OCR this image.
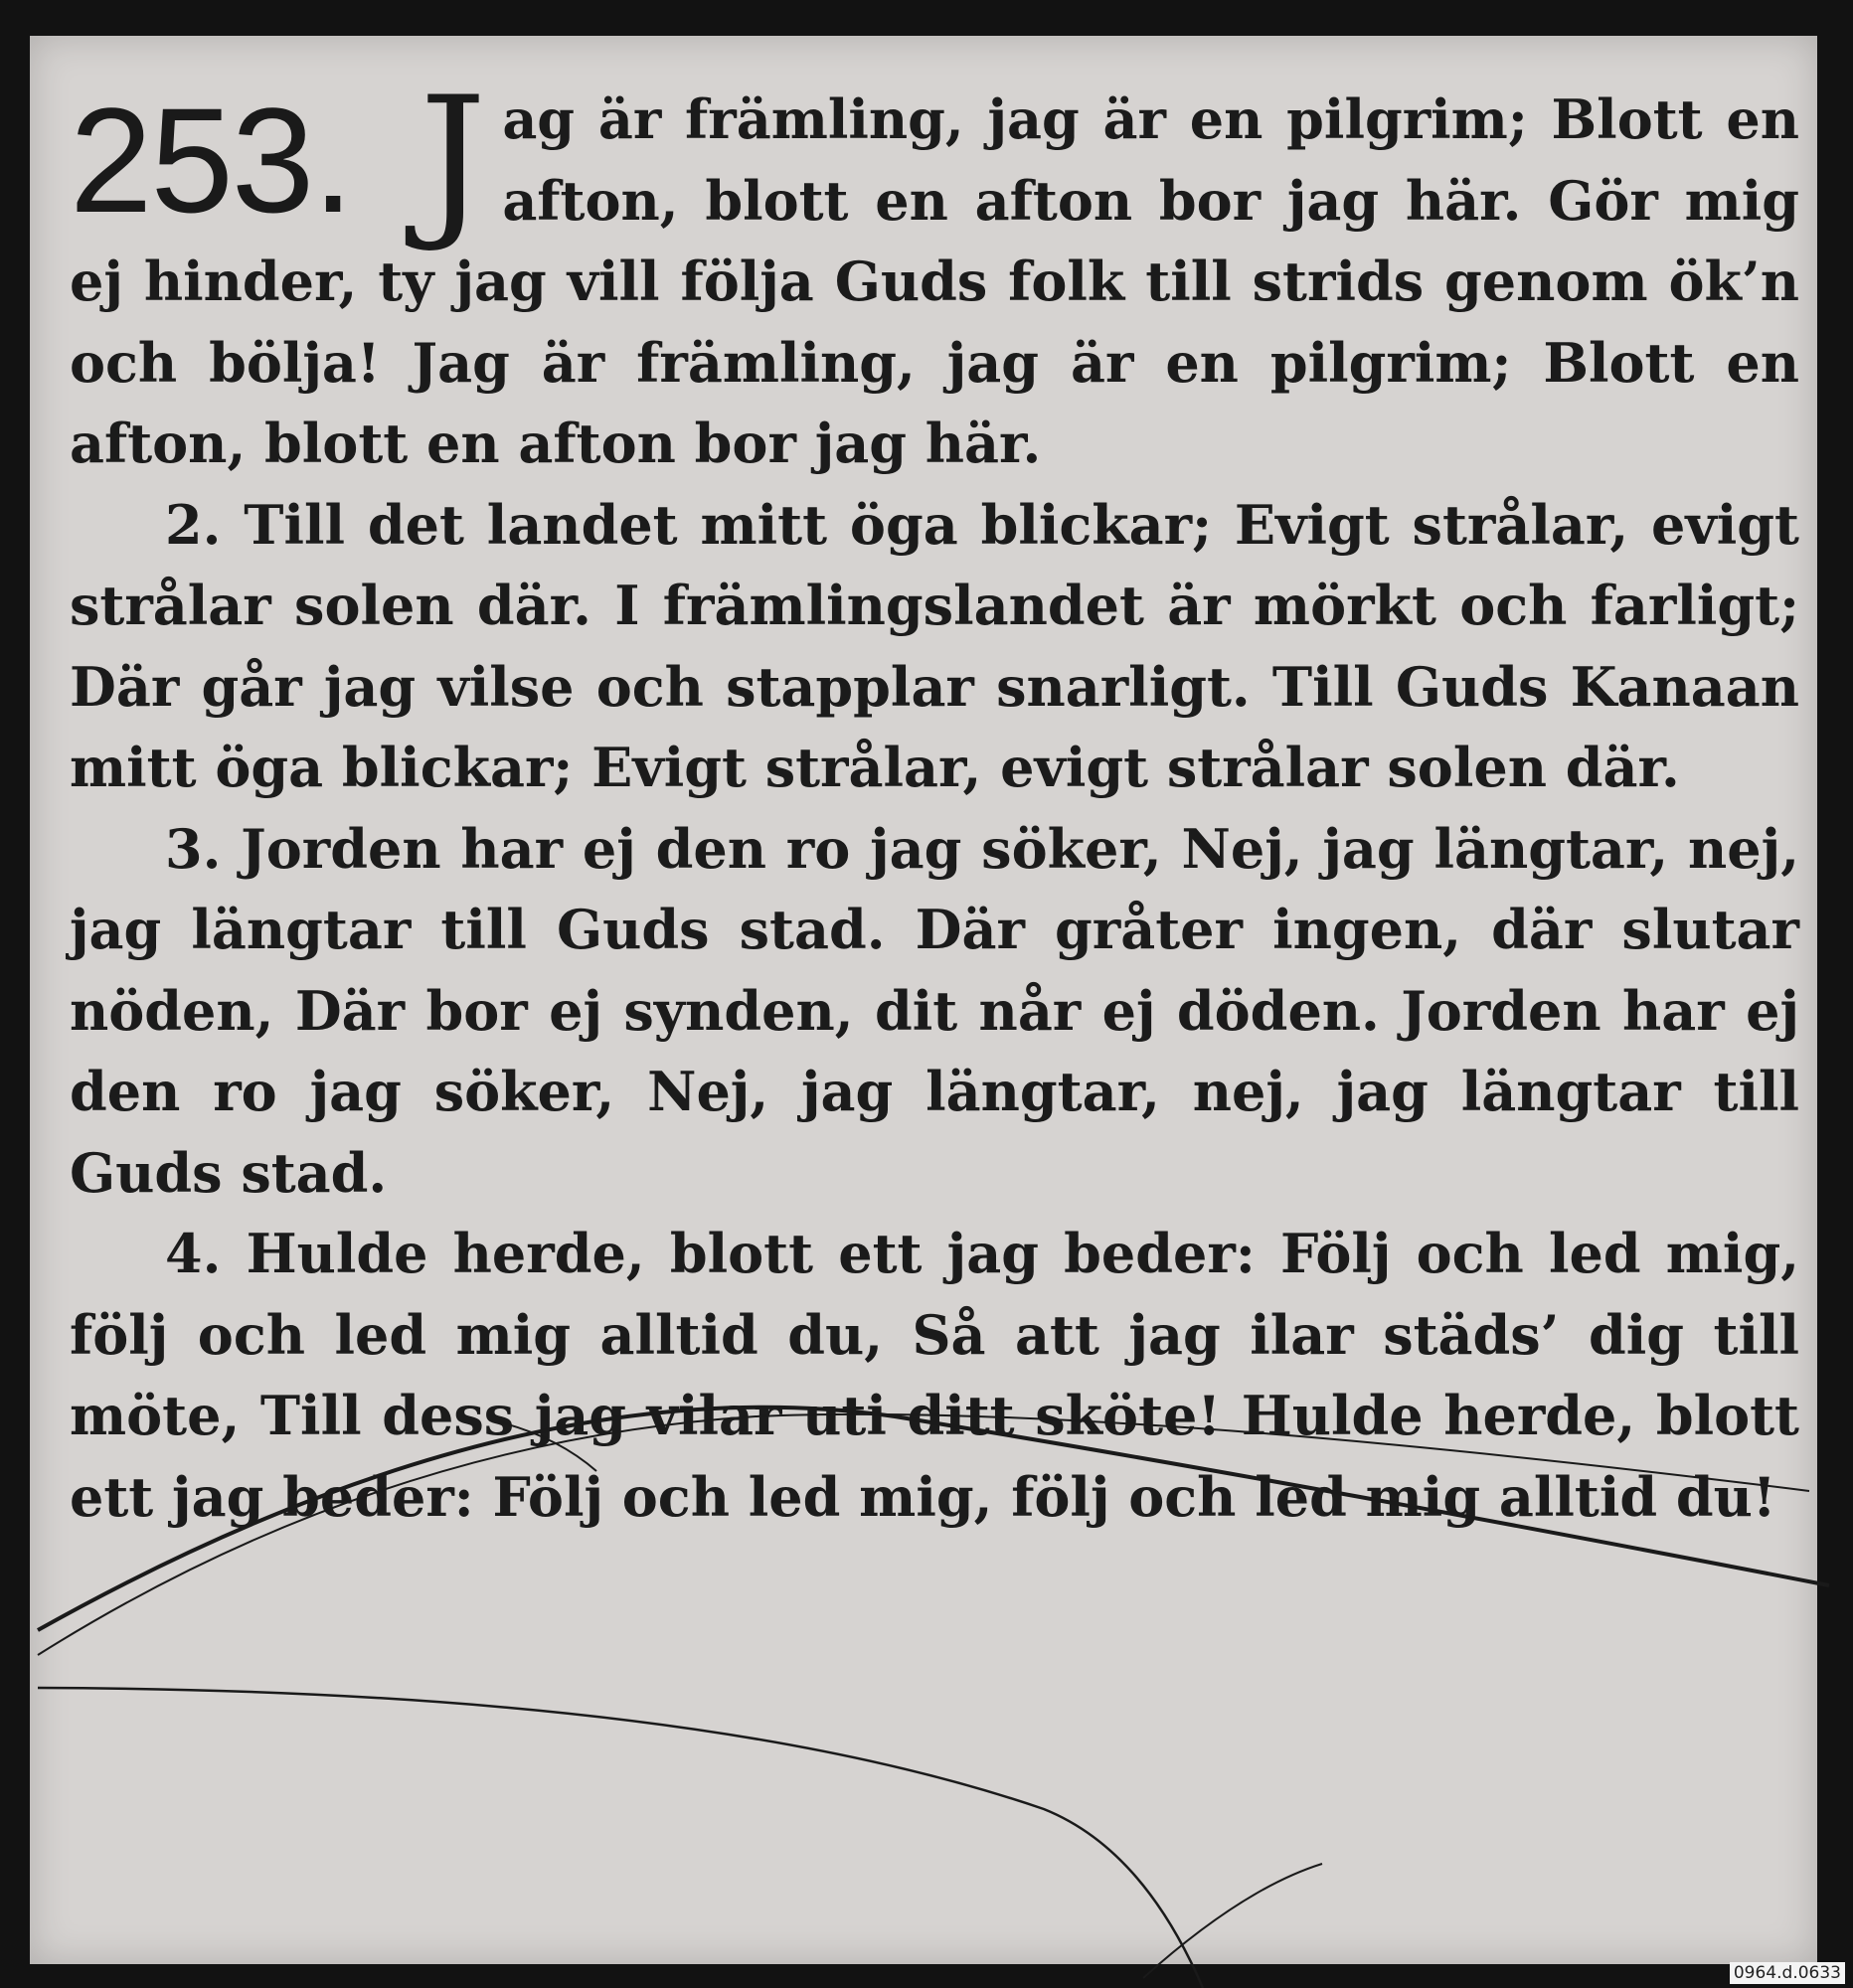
253. J ag är främling, jag är en pilgrim; Blott en afton, blott en afton bor jag här. Gör mig ej hinder, ty jag vill följa Guds folk till strids genom ök’n och bölja! Jag är främling, jag är en pilgrim; Blott en afton, blott en afton bor jag här.

2. Till det landet mitt öga blickar; Evigt strålar, evigt strålar solen där. I främlingslandet är mörkt och farligt; Där går jag vilse och stapplar snarligt. Till Guds Kanaan mitt öga blickar; Evigt strålar, evigt strålar solen där.

3. Jorden har ej den ro jag söker, Nej, jag längtar, nej, jag längtar till Guds stad. Där gråter ingen, där slutar nöden, Där bor ej synden, dit når ej döden. Jorden har ej den ro jag söker, Nej, jag längtar, nej, jag längtar till Guds stad.

4. Hulde herde, blott ett jag beder: Följ och led mig, följ och led mig alltid du, Så att jag ilar städs’ dig till möte, Till dess jag vilar uti ditt sköte! Hulde herde, blott ett jag beder: Följ och led mig, följ och led mig alltid du!

0964.d.0633
